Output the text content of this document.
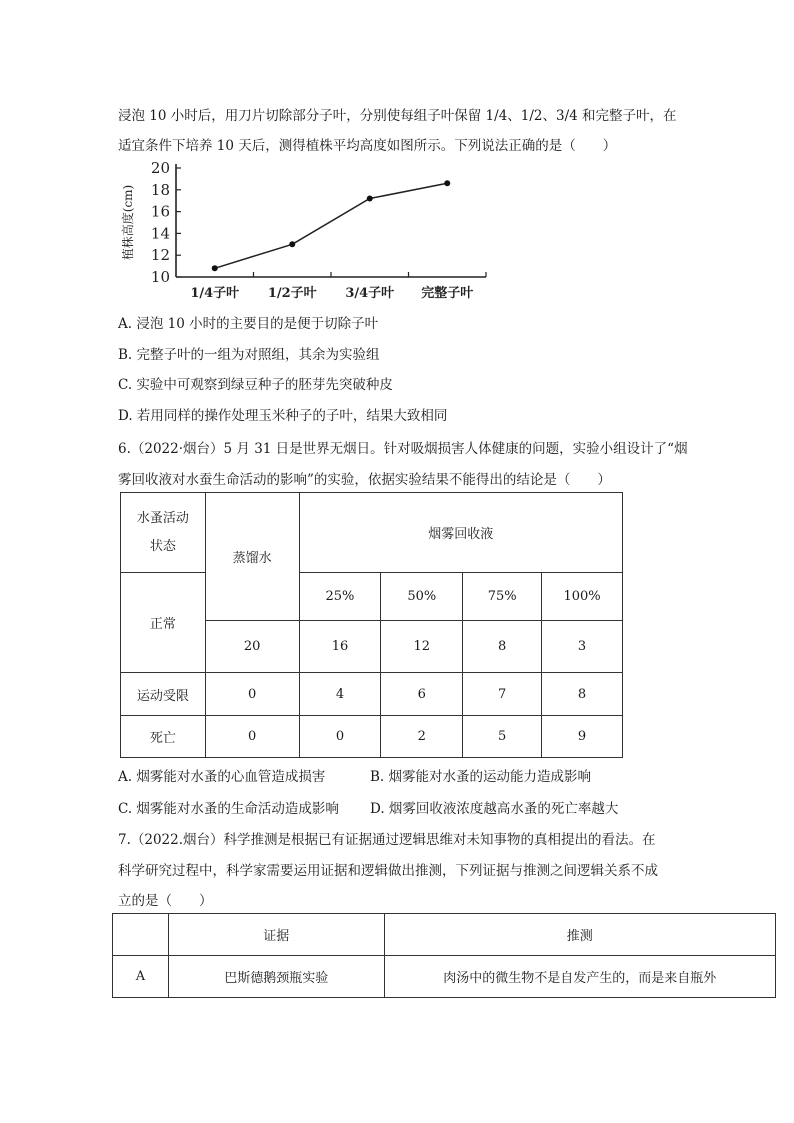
浸泡 10 小时后，用刀片切除部分子叶，分别使每组子叶保留 1/4、1/2、3/4 和完整子叶，在
适宜条件下培养 10 天后，测得植株平均高度如图所示。下列说法正确的是（　　）
20
18
16
14
12
10
1/4子叶 1/2子叶 3/4子叶 完整子叶
植株高度(cm)
A. 浸泡 10 小时的主要目的是便于切除子叶
B. 完整子叶的一组为对照组，其余为实验组
C. 实验中可观察到绿豆种子的胚芽先突破种皮
D. 若用同样的操作处理玉米种子的子叶，结果大致相同
6.（2022·烟台）5 月 31 日是世界无烟日。针对吸烟损害人体健康的问题，实验小组设计了“烟
雾回收液对水蚕生命活动的影响”的实验，依据实验结果不能得出的结论是（　　）
水蚤活动
状态	蒸馏水	烟雾回收液			
正常		25%	50%	75%	100%
	20	16	12	8	3
运动受限	0	4	6	7	8
死亡	0	0	2	5	9
A. 烟雾能对水蚤的心血管造成损害	B. 烟雾能对水蚤的运动能力造成影响
C. 烟雾能对水蚤的生命活动造成影响 D. 烟雾回收液浓度越高水蚤的死亡率越大
7.（2022.烟台）科学推测是根据已有证据通过逻辑思维对未知事物的真相提出的看法。在
科学研究过程中，科学家需要运用证据和逻辑做出推测，下列证据与推测之间逻辑关系不成
立的是（　　）
	证据	推测
A	巴斯德鹅颈瓶实验	肉汤中的微生物不是自发产生的，而是来自瓶外
